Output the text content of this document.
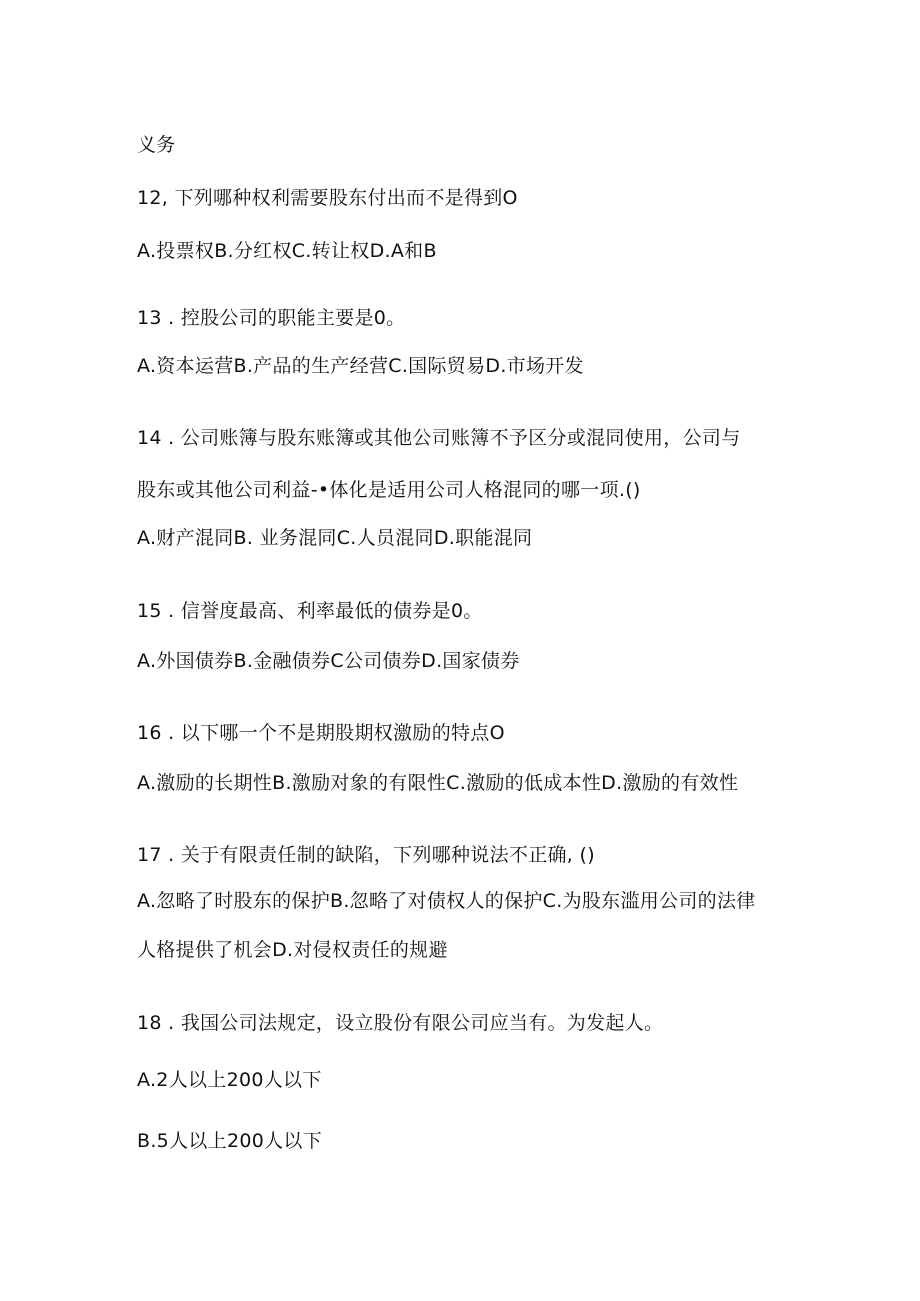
义务
12, 下列哪种权利需要股东付出而不是得到O
A.投票权B.分红权C.转让权D.A和B
13 . 控股公司的职能主要是0。
A.资本运营B.产品的生产经营C.国际贸易D.市场开发
14 . 公司账簿与股东账簿或其他公司账簿不予区分或混同使用，公司与
股东或其他公司利益-•体化是适用公司人格混同的哪一项.()
A.财产混同B. 业务混同C.人员混同D.职能混同
15 . 信誉度最高、利率最低的债券是0。
A.外国债券B.金融债券C公司债券D.国家债券
16 . 以下哪一个不是期股期权激励的特点O
A.激励的长期性B.激励对象的有限性C.激励的低成本性D.激励的有效性
17 . 关于有限责任制的缺陷，下列哪种说法不正确, ()
A.忽略了时股东的保护B.忽略了对债权人的保护C.为股东滥用公司的法律
人格提供了机会D.对侵权责任的规避
18 . 我国公司法规定，设立股份有限公司应当有。为发起人。
A.2人以上200人以下
B.5人以上200人以下
